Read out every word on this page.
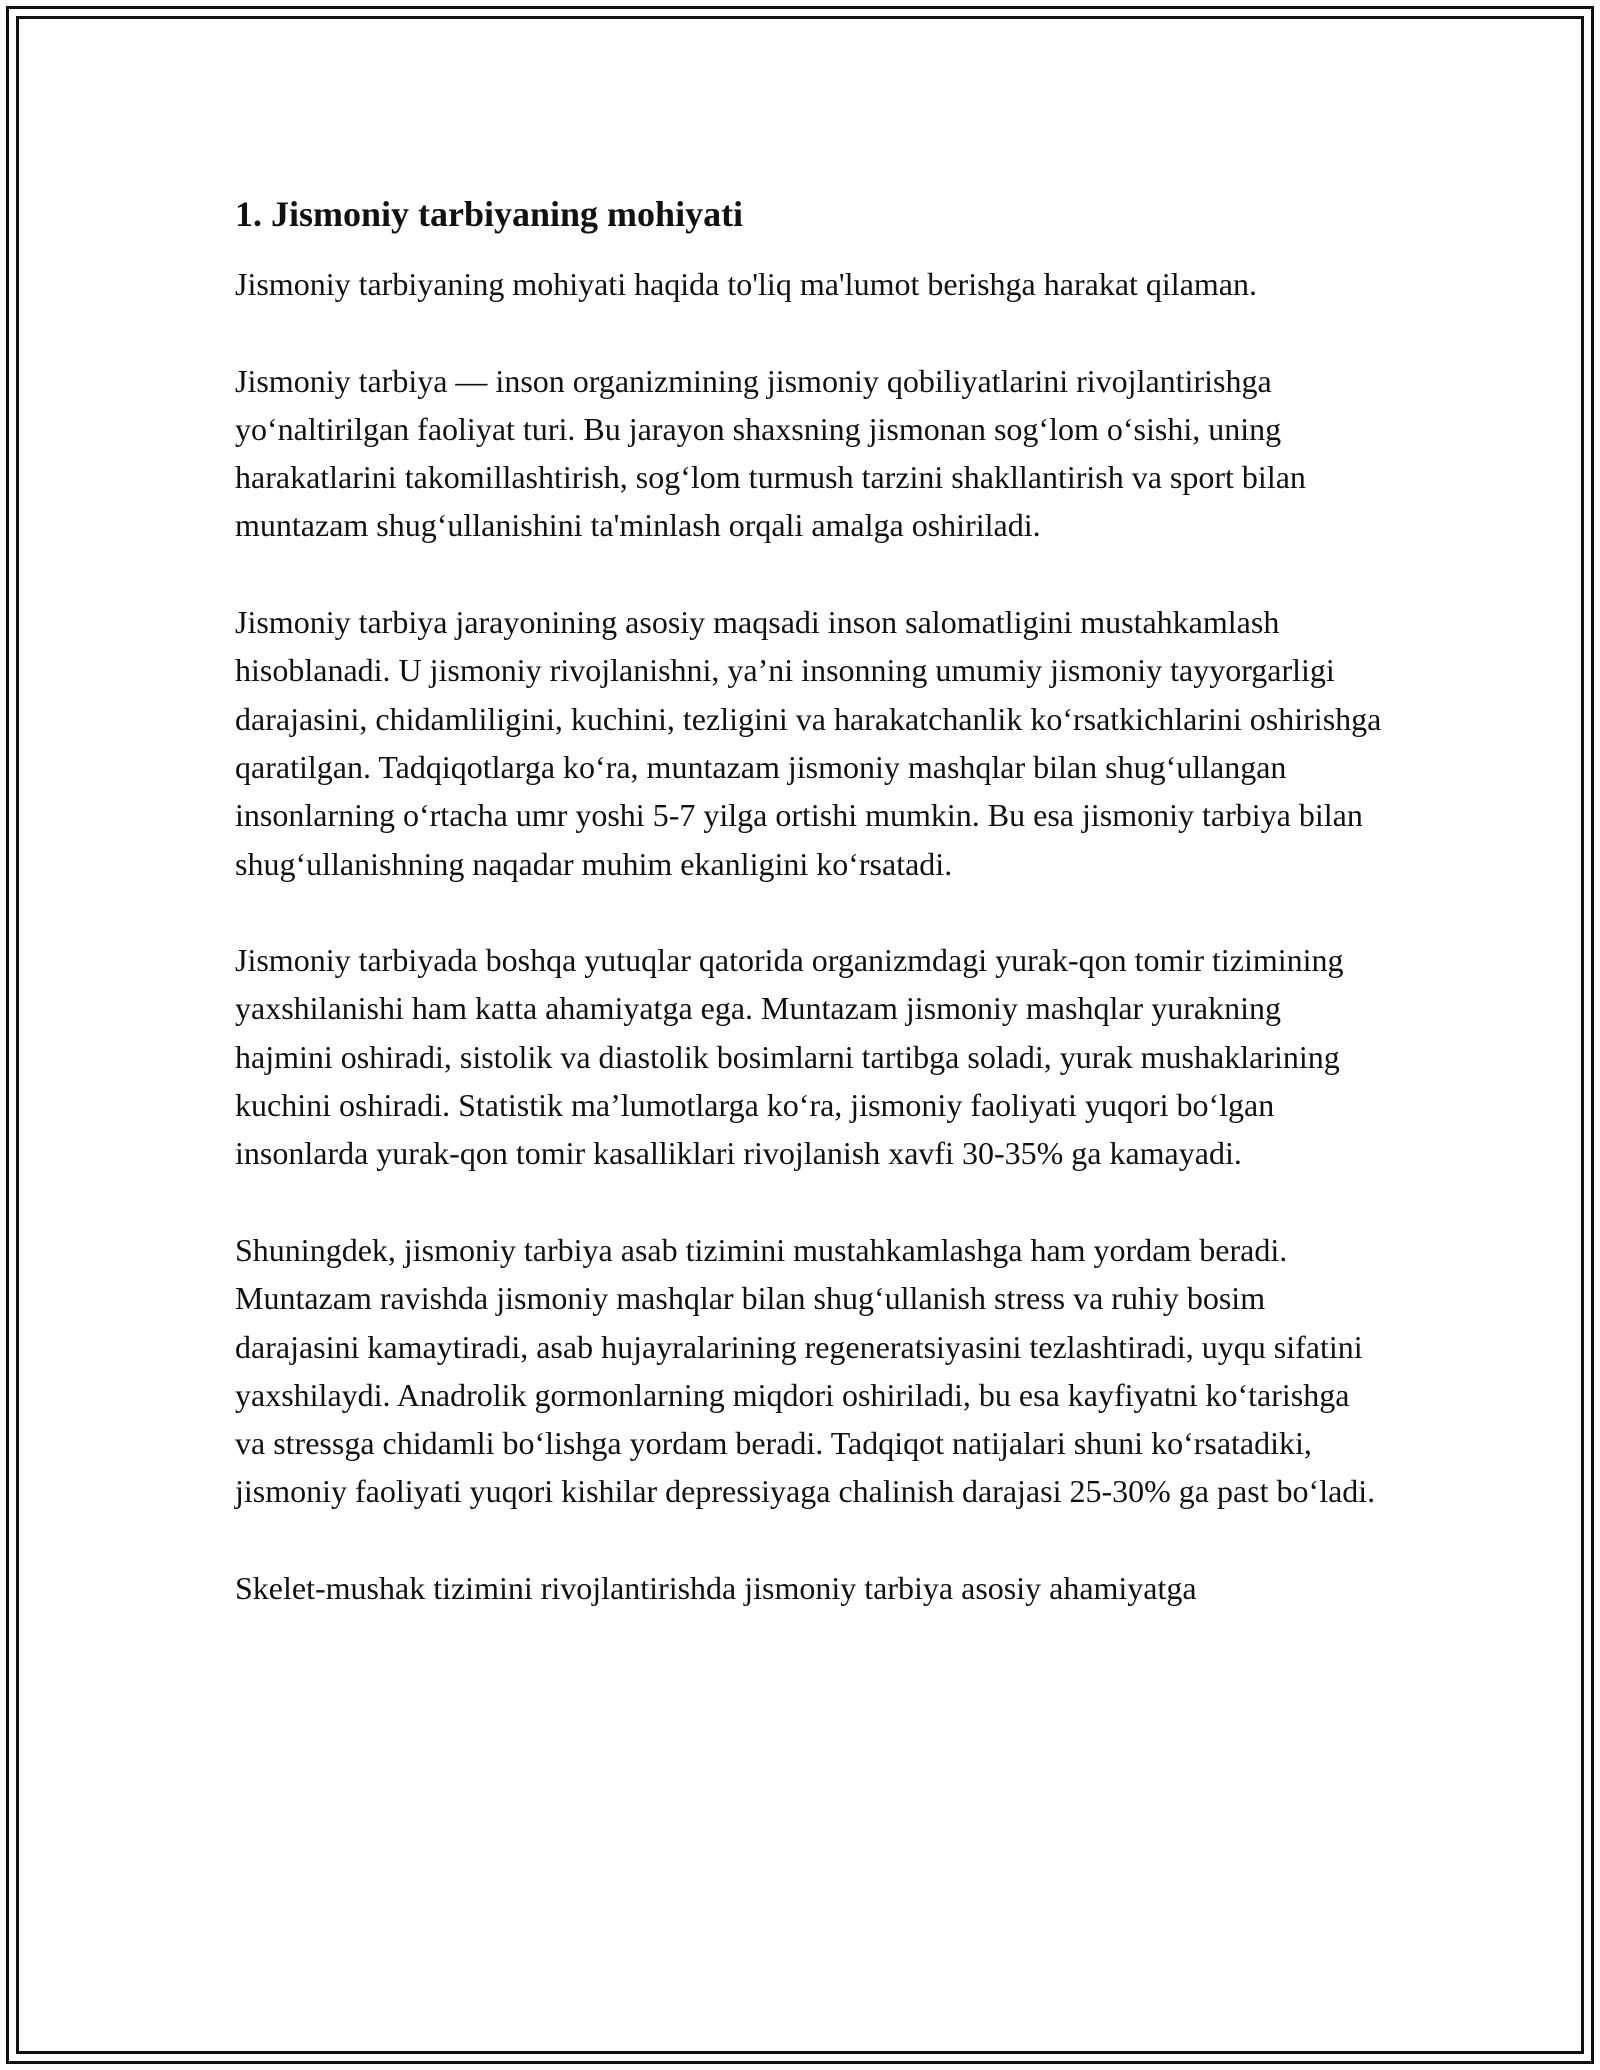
1. Jismoniy tarbiyaning mohiyati

Jismoniy tarbiyaning mohiyati haqida to'liq ma'lumot berishga harakat qilaman.

Jismoniy tarbiya — inson organizmining jismoniy qobiliyatlarini rivojlantirishga yo‘naltirilgan faoliyat turi. Bu jarayon shaxsning jismonan sog‘lom o‘sishi, uning harakatlarini takomillashtirish, sog‘lom turmush tarzini shakllantirish va sport bilan muntazam shug‘ullanishini ta'minlash orqali amalga oshiriladi.

Jismoniy tarbiya jarayonining asosiy maqsadi inson salomatligini mustahkamlash hisoblanadi. U jismoniy rivojlanishni, ya’ni insonning umumiy jismoniy tayyorgarligi darajasini, chidamliligini, kuchini, tezligini va harakatchanlik ko‘rsatkichlarini oshirishga qaratilgan. Tadqiqotlarga ko‘ra, muntazam jismoniy mashqlar bilan shug‘ullangan insonlarning o‘rtacha umr yoshi 5-7 yilga ortishi mumkin. Bu esa jismoniy tarbiya bilan shug‘ullanishning naqadar muhim ekanligini ko‘rsatadi.

Jismoniy tarbiyada boshqa yutuqlar qatorida organizmdagi yurak-qon tomir tizimining yaxshilanishi ham katta ahamiyatga ega. Muntazam jismoniy mashqlar yurakning hajmini oshiradi, sistolik va diastolik bosimlarni tartibga soladi, yurak mushaklarining kuchini oshiradi. Statistik ma’lumotlarga ko‘ra, jismoniy faoliyati yuqori bo‘lgan insonlarda yurak-qon tomir kasalliklari rivojlanish xavfi 30-35% ga kamayadi.

Shuningdek, jismoniy tarbiya asab tizimini mustahkamlashga ham yordam beradi. Muntazam ravishda jismoniy mashqlar bilan shug‘ullanish stress va ruhiy bosim darajasini kamaytiradi, asab hujayralarining regeneratsiyasini tezlashtiradi, uyqu sifatini yaxshilaydi. Anadrolik gormonlarning miqdori oshiriladi, bu esa kayfiyatni ko‘tarishga va stressga chidamli bo‘lishga yordam beradi. Tadqiqot natijalari shuni ko‘rsatadiki, jismoniy faoliyati yuqori kishilar depressiyaga chalinish darajasi 25-30% ga past bo‘ladi.

Skelet-mushak tizimini rivojlantirishda jismoniy tarbiya asosiy ahamiyatga
